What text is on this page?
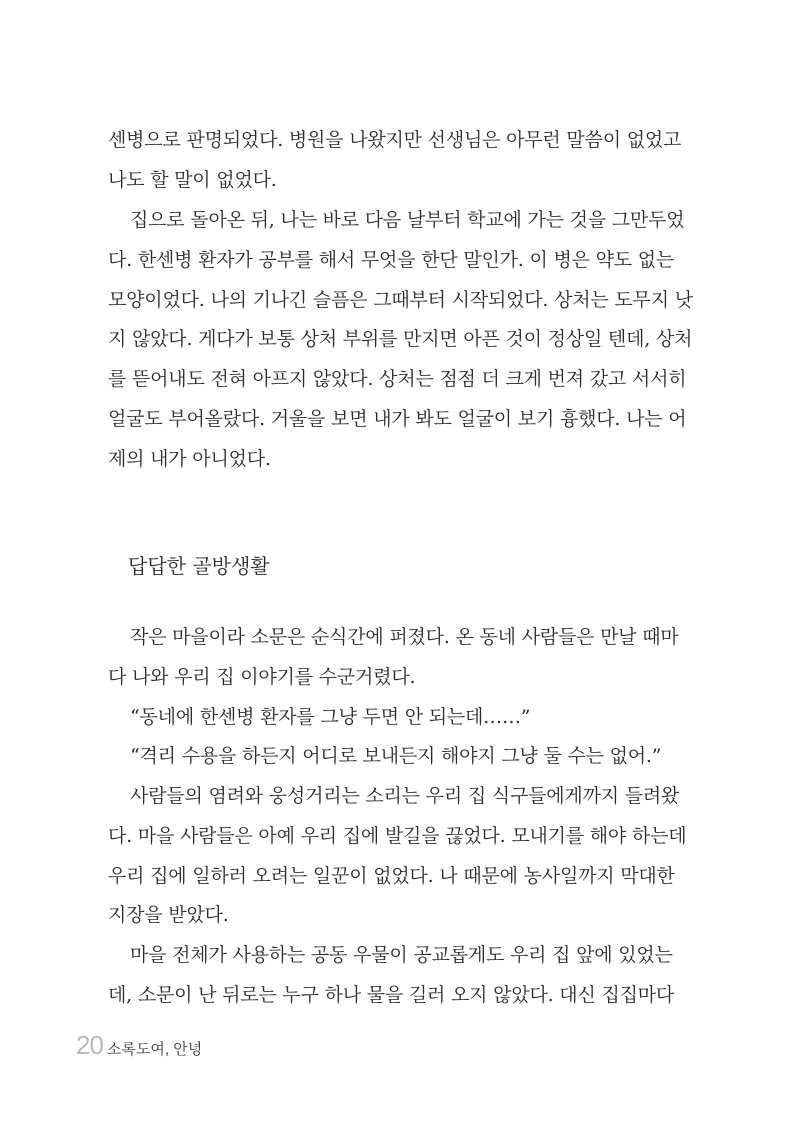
센병으로 판명되었다. 병원을 나왔지만 선생님은 아무런 말씀이 없었고
나도 할 말이 없었다.
집으로 돌아온 뒤, 나는 바로 다음 날부터 학교에 가는 것을 그만두었
다. 한센병 환자가 공부를 해서 무엇을 한단 말인가. 이 병은 약도 없는
모양이었다. 나의 기나긴 슬픔은 그때부터 시작되었다. 상처는 도무지 낫
지 않았다. 게다가 보통 상처 부위를 만지면 아픈 것이 정상일 텐데, 상처
를 뜯어내도 전혀 아프지 않았다. 상처는 점점 더 크게 번져 갔고 서서히
얼굴도 부어올랐다. 거울을 보면 내가 봐도 얼굴이 보기 흉했다. 나는 어
제의 내가 아니었다.
답답한 골방생활
작은 마을이라 소문은 순식간에 퍼졌다. 온 동네 사람들은 만날 때마
다 나와 우리 집 이야기를 수군거렸다.
“동네에 한센병 환자를 그냥 두면 안 되는데……”
“격리 수용을 하든지 어디로 보내든지 해야지 그냥 둘 수는 없어.”
사람들의 염려와 웅성거리는 소리는 우리 집 식구들에게까지 들려왔
다. 마을 사람들은 아예 우리 집에 발길을 끊었다. 모내기를 해야 하는데
우리 집에 일하러 오려는 일꾼이 없었다. 나 때문에 농사일까지 막대한
지장을 받았다.
마을 전체가 사용하는 공동 우물이 공교롭게도 우리 집 앞에 있었는
데, 소문이 난 뒤로는 누구 하나 물을 길러 오지 않았다. 대신 집집마다
20 소록도여, 안녕
